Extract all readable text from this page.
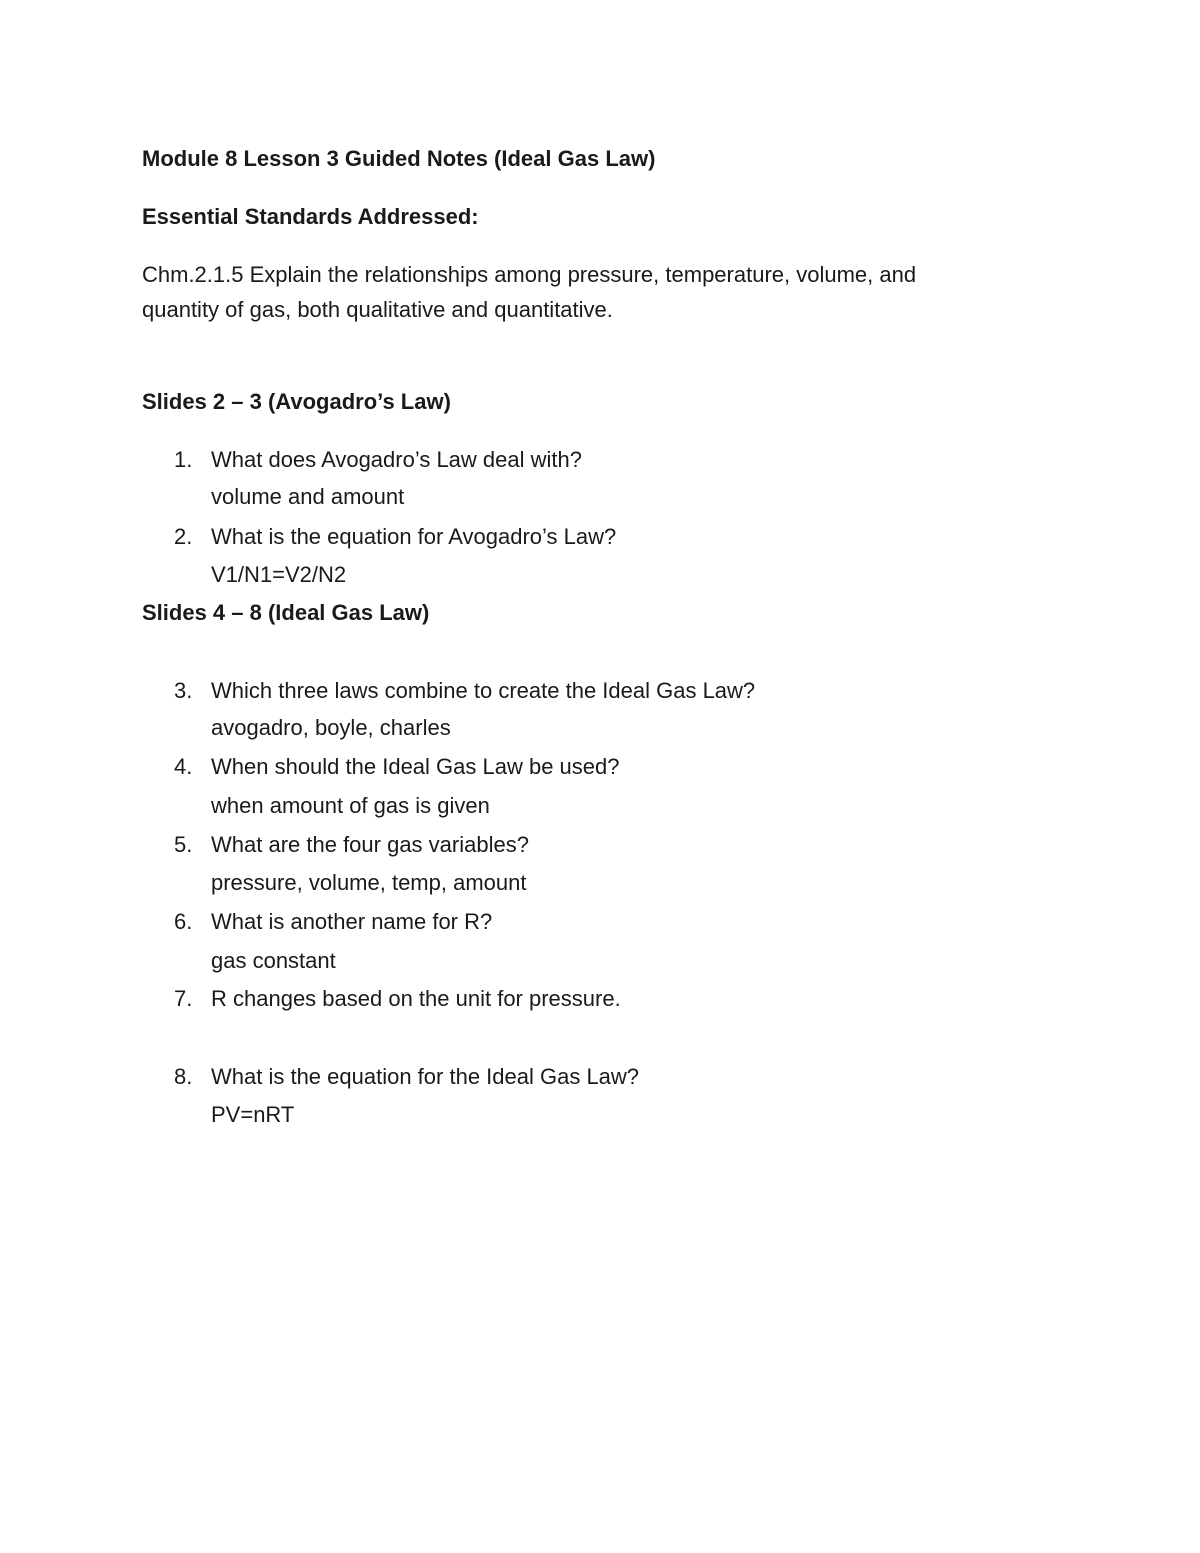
Module 8 Lesson 3 Guided Notes (Ideal Gas Law)
Essential Standards Addressed:
Chm.2.1.5 Explain the relationships among pressure, temperature, volume, and
quantity of gas, both qualitative and quantitative.
Slides 2 – 3 (Avogadro’s Law)
1. What does Avogadro’s Law deal with?
volume and amount
2. What is the equation for Avogadro’s Law?
V1/N1=V2/N2
Slides 4 – 8 (Ideal Gas Law)
3. Which three laws combine to create the Ideal Gas Law?
avogadro, boyle, charles
4. When should the Ideal Gas Law be used?
when amount of gas is given
5. What are the four gas variables?
pressure, volume, temp, amount
6. What is another name for R?
gas constant
7. R changes based on the unit for pressure.
8. What is the equation for the Ideal Gas Law?
PV=nRT
